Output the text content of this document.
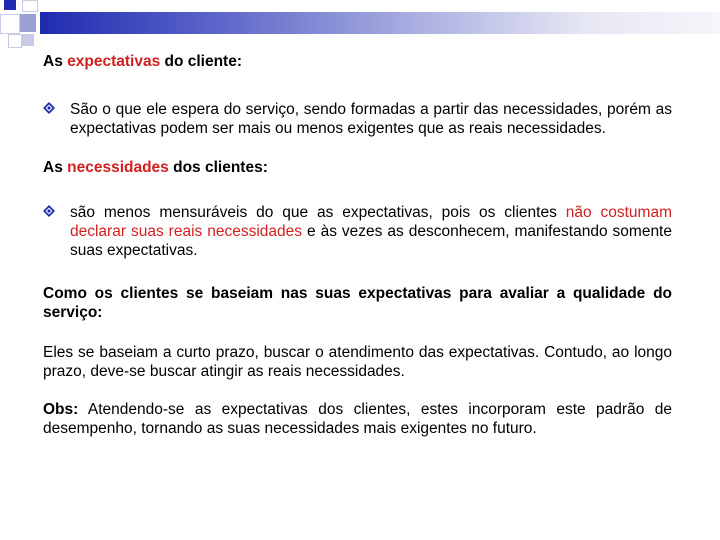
As expectativas do cliente:

São o que ele espera do serviço, sendo formadas a partir das necessidades, porém as expectativas podem ser mais ou menos exigentes que as reais necessidades.

As necessidades dos clientes:

são menos mensuráveis do que as expectativas, pois os clientes não costumam declarar suas reais necessidades e às vezes as desconhecem, manifestando somente suas expectativas.

Como os clientes se baseiam nas suas expectativas para avaliar a qualidade do serviço:

Eles se baseiam a curto prazo, buscar o atendimento das expectativas. Contudo, ao longo prazo, deve-se buscar atingir as reais necessidades.

Obs: Atendendo-se as expectativas dos clientes, estes incorporam este padrão de desempenho, tornando as suas necessidades mais exigentes no futuro.
